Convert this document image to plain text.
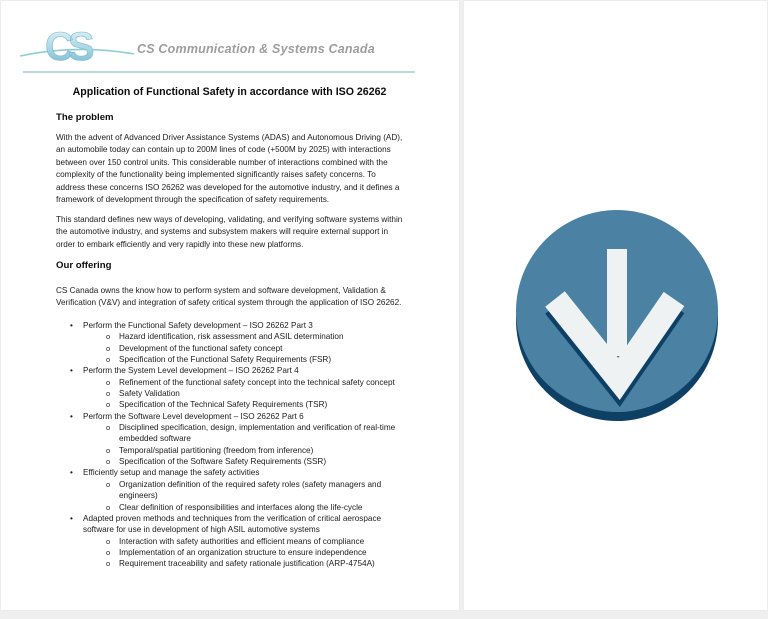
CS	CS Communication & Systems Canada
Application of Functional Safety in accordance with ISO 26262
The problem

With the advent of Advanced Driver Assistance Systems (ADAS) and Autonomous Driving (AD), an automobile today can contain up to 200M lines of code (+500M by 2025) with interactions between over 150 control units. This considerable number of interactions combined with the complexity of the functionality being implemented significantly raises safety concerns. To address these concerns ISO 26262 was developed for the automotive industry, and it defines a framework of development through the specification of safety requirements.

This standard defines new ways of developing, validating, and verifying software systems within the automotive industry, and systems and subsystem makers will require external support in order to embark efficiently and very rapidly into these new platforms.

Our offering

CS Canada owns the know how to perform system and software development, Validation & Verification (V&V) and integration of safety critical system through the application of ISO 26262.

• Perform the Functional Safety development – ISO 26262 Part 3
o Hazard identification, risk assessment and ASIL determination
o Development of the functional safety concept
o Specification of the Functional Safety Requirements (FSR)
• Perform the System Level development – ISO 26262 Part 4
o Refinement of the functional safety concept into the technical safety concept
o Safety Validation
o Specification of the Technical Safety Requirements (TSR)
• Perform the Software Level development – ISO 26262 Part 6
o Disciplined specification, design, implementation and verification of real-time embedded software
o Temporal/spatial partitioning (freedom from inference)
o Specification of the Software Safety Requirements (SSR)
• Efficiently setup and manage the safety activities
o Organization definition of the required safety roles (safety managers and engineers)
o Clear definition of responsibilities and interfaces along the life-cycle
• Adapted proven methods and techniques from the verification of critical aerospace software for use in development of high ASIL automotive systems
o Interaction with safety authorities and efficient means of compliance
o Implementation of an organization structure to ensure independence
o Requirement traceability and safety rationale justification (ARP-4754A)
